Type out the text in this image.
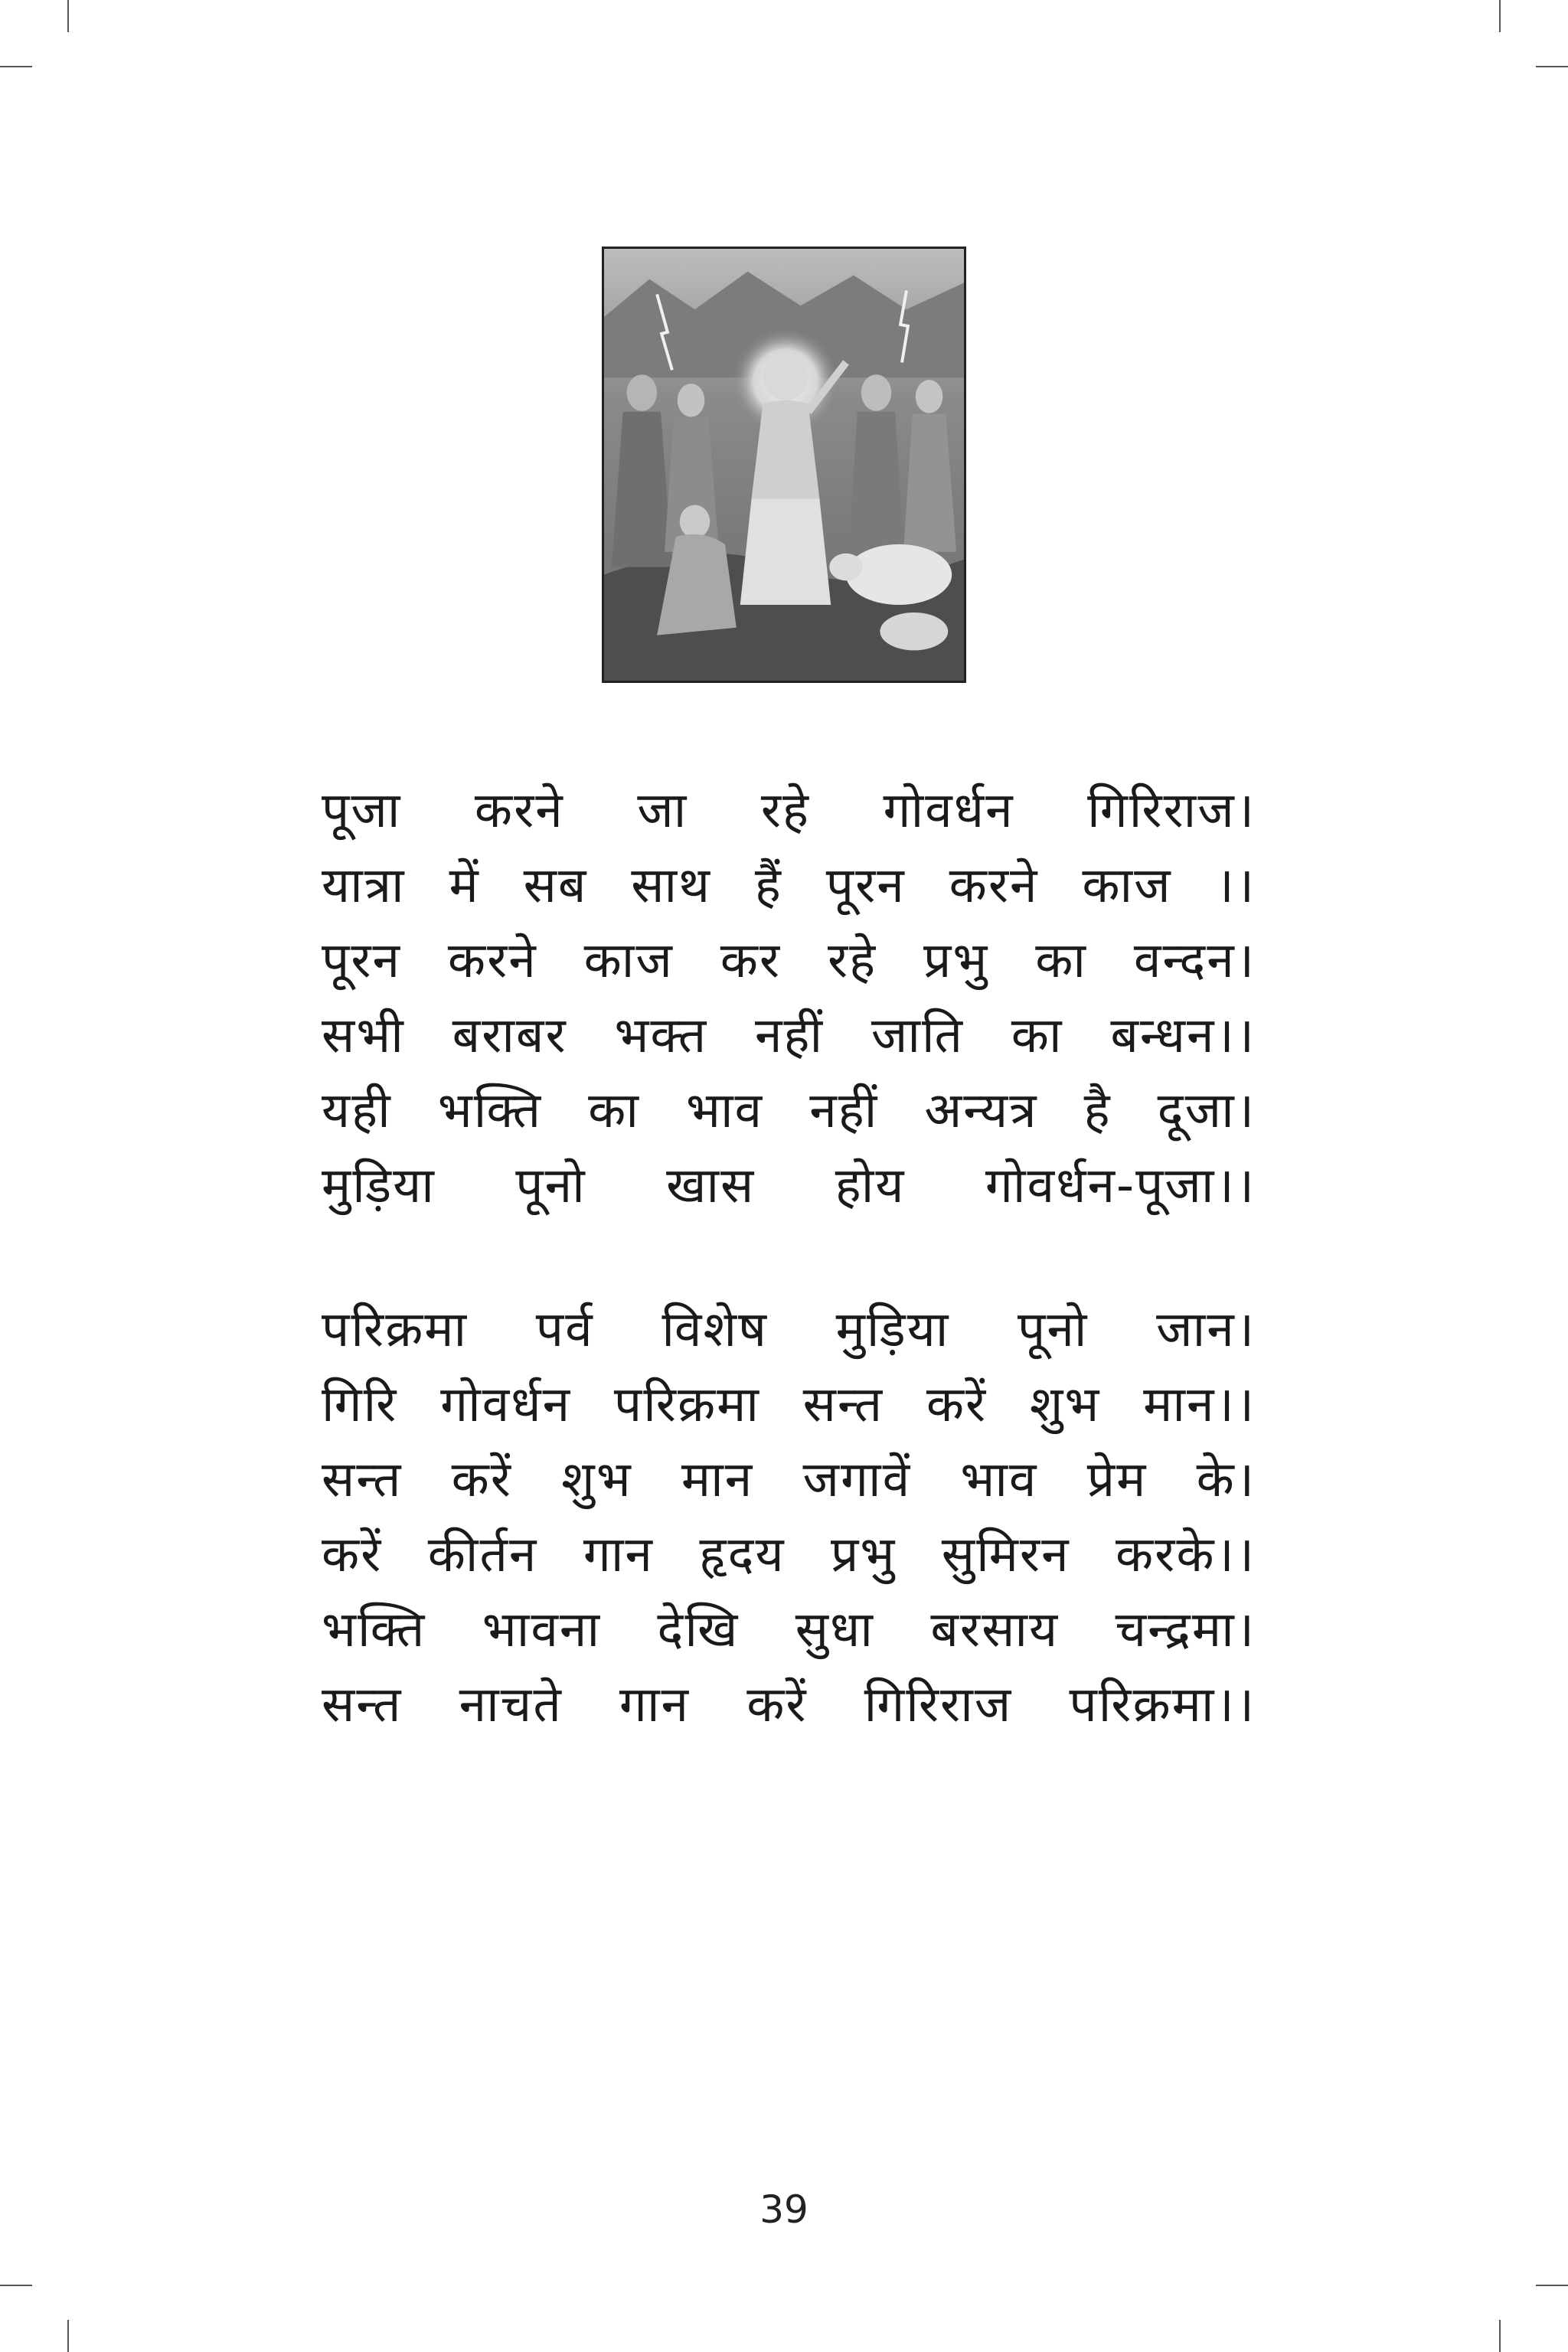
पूजा करने जा रहे गोवर्धन गिरिराज।
यात्रा में सब साथ हैं पूरन करने काज ।।
पूरन करने काज कर रहे प्रभु का वन्दन।
सभी बराबर भक्त नहीं जाति का बन्धन।।
यही भक्ति का भाव नहीं अन्यत्र है दूजा।
मुड़िया पूनो खास होय गोवर्धन-पूजा।।
परिक्रमा पर्व विशेष मुड़िया पूनो जान।
गिरि गोवर्धन परिक्रमा सन्त करें शुभ मान।।
सन्त करें शुभ मान जगावें भाव प्रेम के।
करें कीर्तन गान हृदय प्रभु सुमिरन करके।।
भक्ति भावना देखि सुधा बरसाय चन्द्रमा।
सन्त नाचते गान करें गिरिराज परिक्रमा।।
39
